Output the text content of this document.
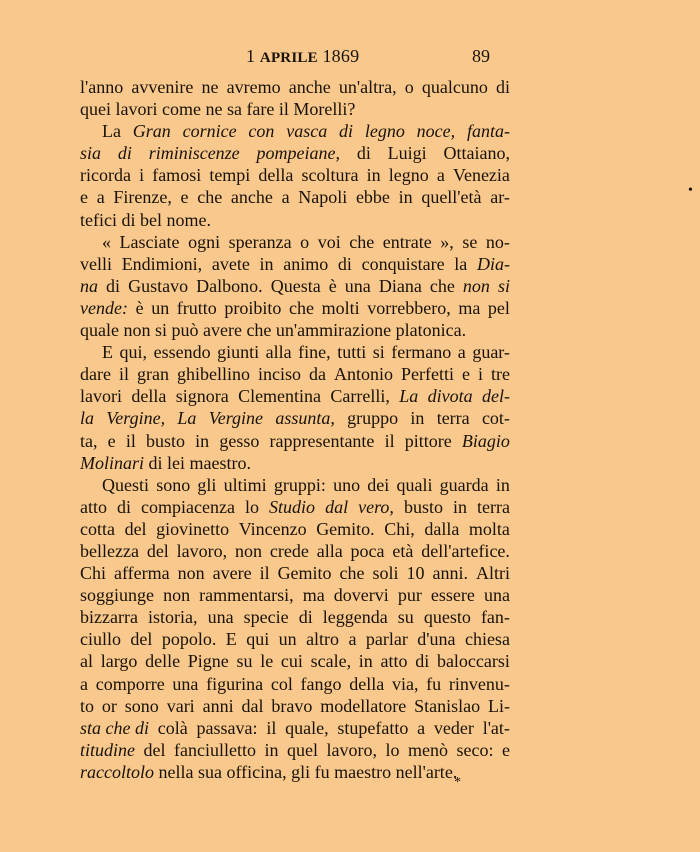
1 APRILE 1869	89
l'anno avvenire ne avremo anche un'altra, o qualcuno di
quei lavori come ne sa fare il Morelli?
La Gran cornice con vasca di legno noce, fanta-
sia di riminiscenze pompeiane, di Luigi Ottaiano,
ricorda i famosi tempi della scoltura in legno a Venezia
e a Firenze, e che anche a Napoli ebbe in quell'età ar-
tefici di bel nome.
« Lasciate ogni speranza o voi che entrate », se no-
velli Endimioni, avete in animo di conquistare la Dia-
na di Gustavo Dalbono. Questa è una Diana che non si
vende: è un frutto proibito che molti vorrebbero, ma pel
quale non si può avere che un'ammirazione platonica.
E qui, essendo giunti alla fine, tutti si fermano a guar-
dare il gran ghibellino inciso da Antonio Perfetti e i tre
lavori della signora Clementina Carrelli, La divota del-
la Vergine, La Vergine assunta, gruppo in terra cot-
ta, e il busto in gesso rappresentante il pittore Biagio
Molinari di lei maestro.
Questi sono gli ultimi gruppi: uno dei quali guarda in
atto di compiacenza lo Studio dal vero, busto in terra
cotta del giovinetto Vincenzo Gemito. Chi, dalla molta
bellezza del lavoro, non crede alla poca età dell'artefice.
Chi afferma non avere il Gemito che soli 10 anni. Altri
soggiunge non rammentarsi, ma dovervi pur essere una
bizzarra istoria, una specie di leggenda su questo fan-
ciullo del popolo. E qui un altro a parlar d'una chiesa
al largo delle Pigne su le cui scale, in atto di baloccarsi
a comporre una figurina col fango della via, fu rinvenu-
to or sono vari anni dal bravo modellatore Stanislao Li-
sta che di colà passava: il quale, stupefatto a veder l'at-
titudine del fanciulletto in quel lavoro, lo menò seco: e
raccoltolo nella sua officina, gli fu maestro nell'arte.
•
*
